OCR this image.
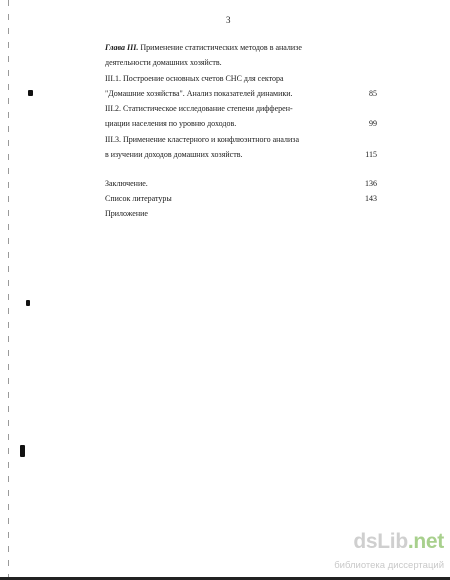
3
Глава III. Применение статистических методов в анализе
деятельности домашних хозяйств.
III.1. Построение основных счетов СНС для сектора
"Домашние хозяйства". Анализ показателей динамики.	85
III.2. Статистическое исследование степени дифферен-
циации населения по уровню доходов.	99
III.3. Применение кластерного и конфлюэнтного анализа
в изучении доходов домашних хозяйств.	115
Заключение.	136
Список литературы	143
Приложение
dsLib.net
библиотека диссертаций
